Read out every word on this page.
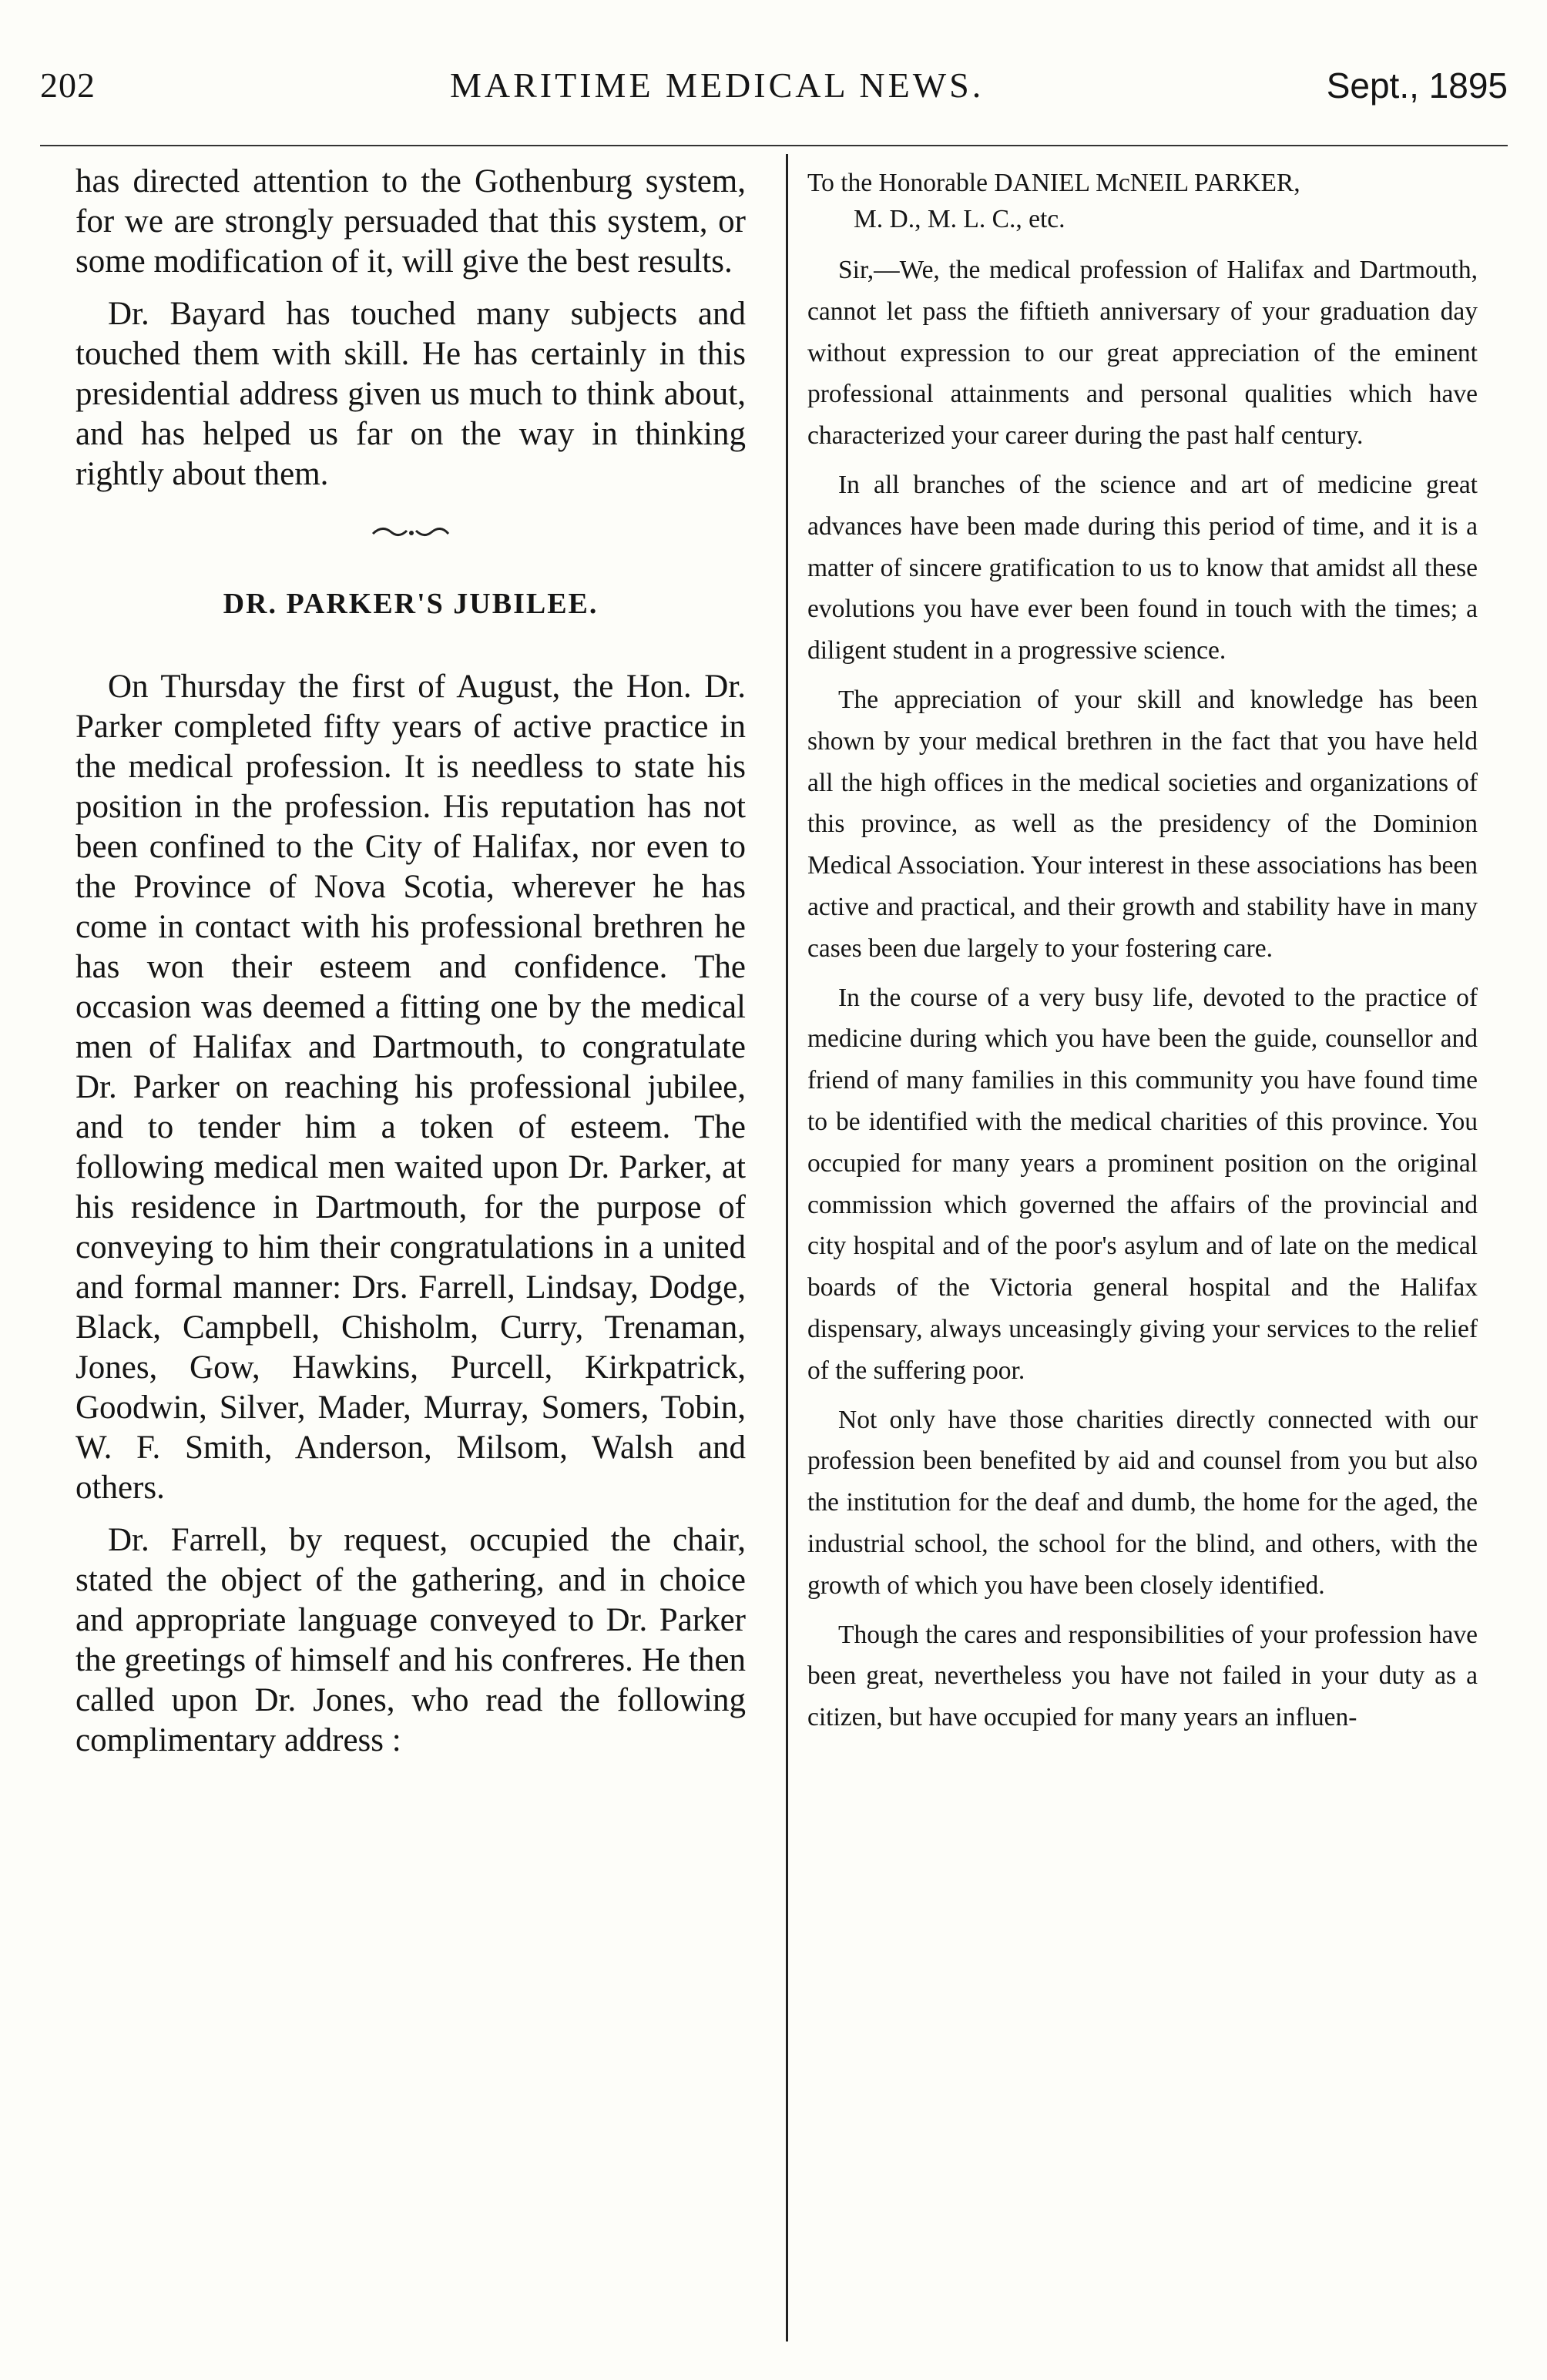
202	MARITIME MEDICAL NEWS.	Sept., 1895

has directed attention to the Gothenburg system, for we are strongly persuaded that this system, or some modification of it, will give the best results.

Dr. Bayard has touched many subjects and touched them with skill. He has certainly in this presidential address given us much to think about, and has helped us far on the way in thinking rightly about them.

DR. PARKER'S JUBILEE.

On Thursday the first of August, the Hon. Dr. Parker completed fifty years of active practice in the medical profession. It is needless to state his position in the profession. His reputation has not been confined to the City of Halifax, nor even to the Province of Nova Scotia, wherever he has come in contact with his professional brethren he has won their esteem and confidence. The occasion was deemed a fitting one by the medical men of Halifax and Dartmouth, to congratulate Dr. Parker on reaching his professional jubilee, and to tender him a token of esteem. The following medical men waited upon Dr. Parker, at his residence in Dartmouth, for the purpose of conveying to him their congratulations in a united and formal manner: Drs. Farrell, Lindsay, Dodge, Black, Campbell, Chisholm, Curry, Trenaman, Jones, Gow, Hawkins, Purcell, Kirkpatrick, Goodwin, Silver, Mader, Murray, Somers, Tobin, W. F. Smith, Anderson, Milsom, Walsh and others.

Dr. Farrell, by request, occupied the chair, stated the object of the gathering, and in choice and appropriate language conveyed to Dr. Parker the greetings of himself and his confreres. He then called upon Dr. Jones, who read the following complimentary address :

To the Honorable DANIEL McNEIL PARKER,
M. D., M. L. C., etc.

Sir,—We, the medical profession of Halifax and Dartmouth, cannot let pass the fiftieth anniversary of your graduation day without expression to our great appreciation of the eminent professional attainments and personal qualities which have characterized your career during the past half century.

In all branches of the science and art of medicine great advances have been made during this period of time, and it is a matter of sincere gratification to us to know that amidst all these evolutions you have ever been found in touch with the times; a diligent student in a progressive science.

The appreciation of your skill and knowledge has been shown by your medical brethren in the fact that you have held all the high offices in the medical societies and organizations of this province, as well as the presidency of the Dominion Medical Association. Your interest in these associations has been active and practical, and their growth and stability have in many cases been due largely to your fostering care.

In the course of a very busy life, devoted to the practice of medicine during which you have been the guide, counsellor and friend of many families in this community you have found time to be identified with the medical charities of this province. You occupied for many years a prominent position on the original commission which governed the affairs of the provincial and city hospital and of the poor's asylum and of late on the medical boards of the Victoria general hospital and the Halifax dispensary, always unceasingly giving your services to the relief of the suffering poor.

Not only have those charities directly connected with our profession been benefited by aid and counsel from you but also the institution for the deaf and dumb, the home for the aged, the industrial school, the school for the blind, and others, with the growth of which you have been closely identified.

Though the cares and responsibilities of your profession have been great, nevertheless you have not failed in your duty as a citizen, but have occupied for many years an influen-
